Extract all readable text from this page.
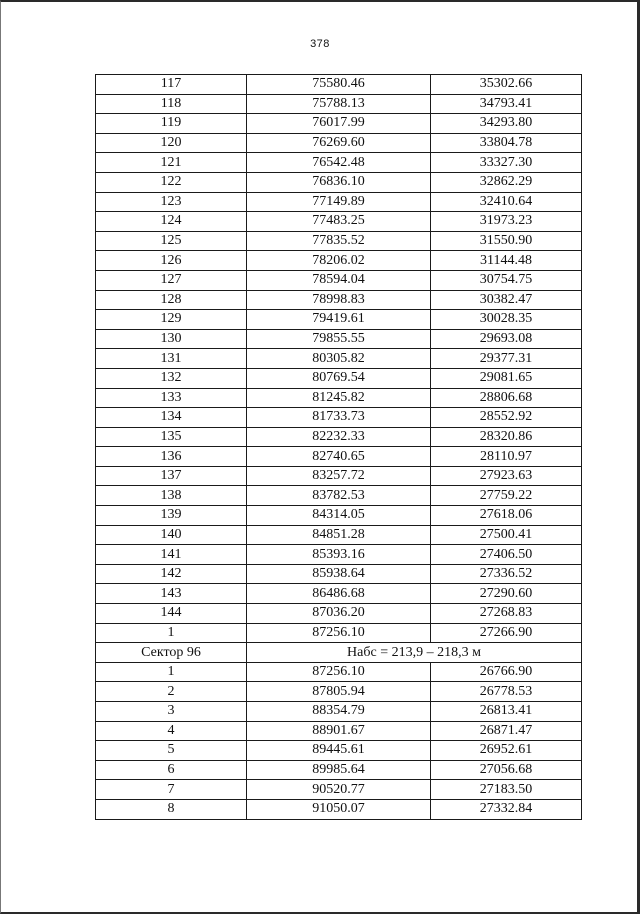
378
117	75580.46	35302.66
118	75788.13	34793.41
119	76017.99	34293.80
120	76269.60	33804.78
121	76542.48	33327.30
122	76836.10	32862.29
123	77149.89	32410.64
124	77483.25	31973.23
125	77835.52	31550.90
126	78206.02	31144.48
127	78594.04	30754.75
128	78998.83	30382.47
129	79419.61	30028.35
130	79855.55	29693.08
131	80305.82	29377.31
132	80769.54	29081.65
133	81245.82	28806.68
134	81733.73	28552.92
135	82232.33	28320.86
136	82740.65	28110.97
137	83257.72	27923.63
138	83782.53	27759.22
139	84314.05	27618.06
140	84851.28	27500.41
141	85393.16	27406.50
142	85938.64	27336.52
143	86486.68	27290.60
144	87036.20	27268.83
1	87256.10	27266.90
Сектор 96	Набс = 213,9 – 218,3 м	
1	87256.10	26766.90
2	87805.94	26778.53
3	88354.79	26813.41
4	88901.67	26871.47
5	89445.61	26952.61
6	89985.64	27056.68
7	90520.77	27183.50
8	91050.07	27332.84
